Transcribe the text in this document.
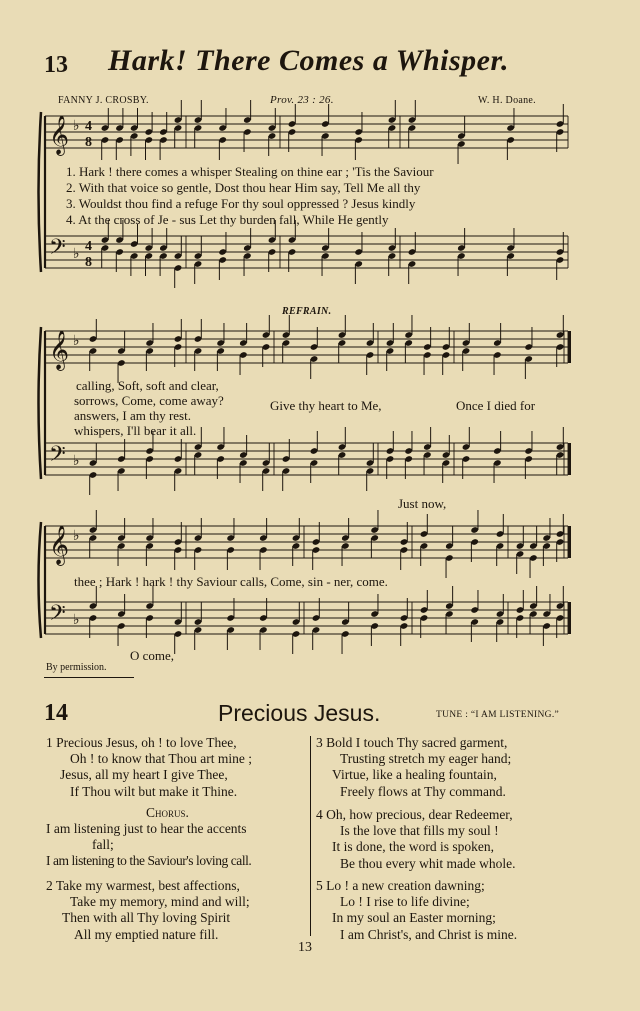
13 Hark! There Comes a Whisper.
FANNY J. CROSBY.	Prov. 23 : 26.	W. H. Doane.
𝄞 ♭ 4
8
𝄢 ♭
4
8
𝄞 ♭
𝄢 ♭
𝄞 ♭
𝄢 ♭
1. Hark ! there comes a whisper Stealing on thine ear ; 'Tis the Saviour
2. With that voice so gentle, Dost thou hear Him say, Tell Me all thy
3. Wouldst thou find a refuge For thy soul oppressed ? Jesus kindly
4. At the cross of Je - sus Let thy burden fall, While He gently
REFRAIN.
calling, Soft, soft and clear,
sorrows, Come, come away?
answers, I am thy rest.
whispers, I'll bear it all.
Give thy heart to Me,	Once I died for
Just now,
thee ; Hark ! hark ! thy Saviour calls, Come, sin - ner, come.
O come,
By permission.
14	Precious Jesus.	TUNE : “I AM LISTENING.”
1 Precious Jesus, oh ! to love Thee,
Oh ! to know that Thou art mine ;
Jesus, all my heart I give Thee,
If Thou wilt but make it Thine.
Chorus.
I am listening just to hear the accents
fall;
I am listening to the Saviour's loving call.
2 Take my warmest, best affections,
Take my memory, mind and will;
Then with all Thy loving Spirit
All my emptied nature fill.
3 Bold I touch Thy sacred garment,
Trusting stretch my eager hand;
Virtue, like a healing fountain,
Freely flows at Thy command.
4 Oh, how precious, dear Redeemer,
Is the love that fills my soul !
It is done, the word is spoken,
Be thou every whit made whole.
5 Lo ! a new creation dawning;
Lo ! I rise to life divine;
In my soul an Easter morning;
I am Christ's, and Christ is mine.
13
